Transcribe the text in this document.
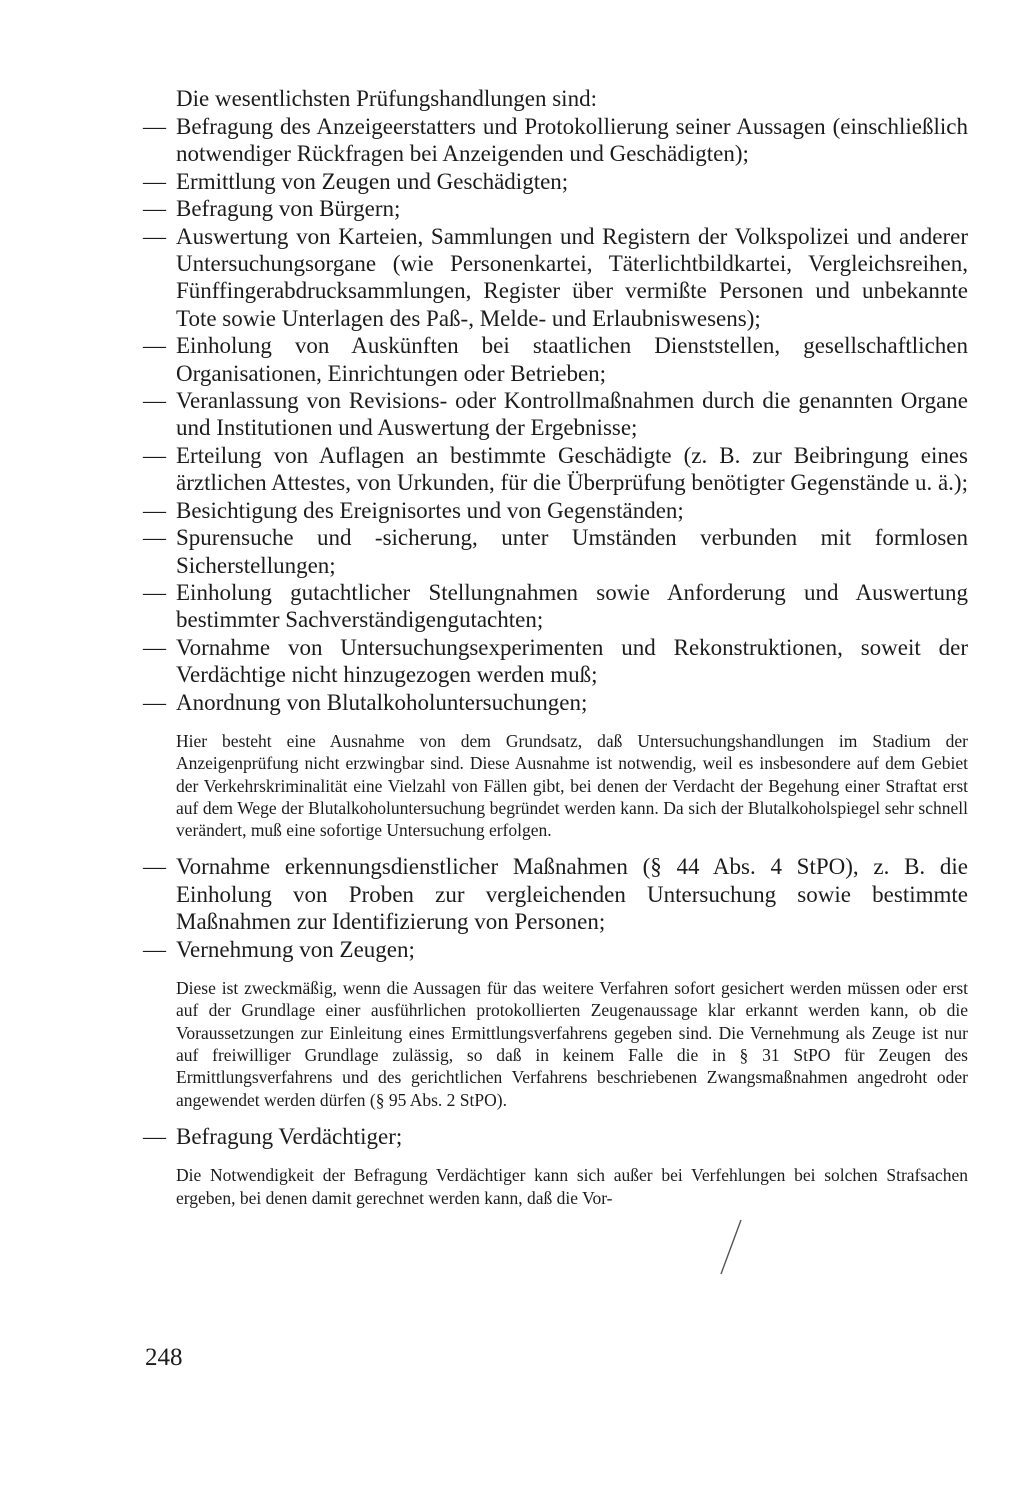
Die wesentlichsten Prüfungshandlungen sind:
— Befragung des Anzeigeerstatters und Protokollierung seiner Aussagen (einschließlich notwendiger Rückfragen bei Anzeigenden und Geschädigten);
— Ermittlung von Zeugen und Geschädigten;
— Befragung von Bürgern;
— Auswertung von Karteien, Sammlungen und Registern der Volkspolizei und anderer Untersuchungsorgane (wie Personenkartei, Täterlichtbildkartei, Vergleichsreihen, Fünffingerabdrucksammlungen, Register über vermißte Personen und unbekannte Tote sowie Unterlagen des Paß-, Melde- und Erlaubniswesens);
— Einholung von Auskünften bei staatlichen Dienststellen, gesellschaftlichen Organisationen, Einrichtungen oder Betrieben;
— Veranlassung von Revisions- oder Kontrollmaßnahmen durch die genannten Organe und Institutionen und Auswertung der Ergebnisse;
— Erteilung von Auflagen an bestimmte Geschädigte (z. B. zur Beibringung eines ärztlichen Attestes, von Urkunden, für die Überprüfung benötigter Gegenstände u. ä.);
— Besichtigung des Ereignisortes und von Gegenständen;
— Spurensuche und -sicherung, unter Umständen verbunden mit formlosen Sicherstellungen;
— Einholung gutachtlicher Stellungnahmen sowie Anforderung und Auswertung bestimmter Sachverständigengutachten;
— Vornahme von Untersuchungsexperimenten und Rekonstruktionen, soweit der Verdächtige nicht hinzugezogen werden muß;
— Anordnung von Blutalkoholuntersuchungen;
Hier besteht eine Ausnahme von dem Grundsatz, daß Untersuchungshandlungen im Stadium der Anzeigenprüfung nicht erzwingbar sind. Diese Ausnahme ist notwendig, weil es insbesondere auf dem Gebiet der Verkehrskriminalität eine Vielzahl von Fällen gibt, bei denen der Verdacht der Begehung einer Straftat erst auf dem Wege der Blutalkoholuntersuchung begründet werden kann. Da sich der Blutalkoholspiegel sehr schnell verändert, muß eine sofortige Untersuchung erfolgen.
— Vornahme erkennungsdienstlicher Maßnahmen (§ 44 Abs. 4 StPO), z. B. die Einholung von Proben zur vergleichenden Untersuchung sowie bestimmte Maßnahmen zur Identifizierung von Personen;
— Vernehmung von Zeugen;
Diese ist zweckmäßig, wenn die Aussagen für das weitere Verfahren sofort gesichert werden müssen oder erst auf der Grundlage einer ausführlichen protokollierten Zeugenaussage klar erkannt werden kann, ob die Voraussetzungen zur Einleitung eines Ermittlungsverfahrens gegeben sind. Die Vernehmung als Zeuge ist nur auf freiwilliger Grundlage zulässig, so daß in keinem Falle die in § 31 StPO für Zeugen des Ermittlungsverfahrens und des gerichtlichen Verfahrens beschriebenen Zwangsmaßnahmen angedroht oder angewendet werden dürfen (§ 95 Abs. 2 StPO).
— Befragung Verdächtiger;
Die Notwendigkeit der Befragung Verdächtiger kann sich außer bei Verfehlungen bei solchen Strafsachen ergeben, bei denen damit gerechnet werden kann, daß die Vor-
248
